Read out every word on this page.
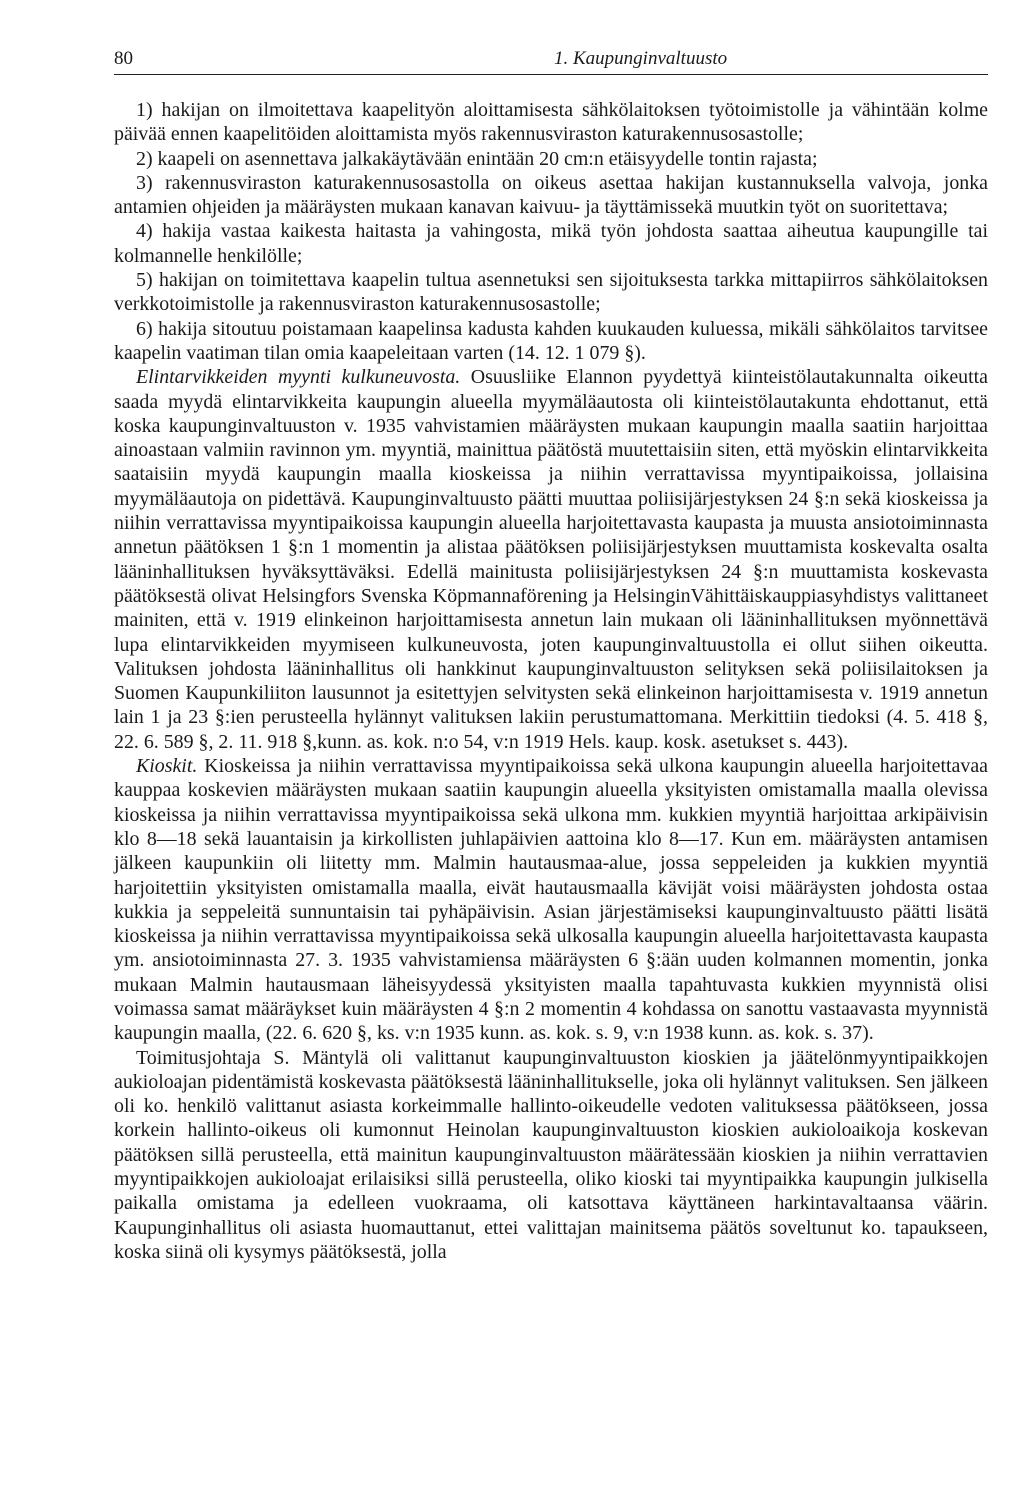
80	1. Kaupunginvaltuusto

1) hakijan on ilmoitettava kaapelityön aloittamisesta sähkölaitoksen työtoimistolle ja vähintään kolme päivää ennen kaapelitöiden aloittamista myös rakennusviraston katurakennusosastolle;

2) kaapeli on asennettava jalkakäytävään enintään 20 cm:n etäisyydelle tontin rajasta;

3) rakennusviraston katurakennusosastolla on oikeus asettaa hakijan kustannuksella valvoja, jonka antamien ohjeiden ja määräysten mukaan kanavan kaivuu- ja täyttämissekä muutkin työt on suoritettava;

4) hakija vastaa kaikesta haitasta ja vahingosta, mikä työn johdosta saattaa aiheutua kaupungille tai kolmannelle henkilölle;

5) hakijan on toimitettava kaapelin tultua asennetuksi sen sijoituksesta tarkka mittapiirros sähkölaitoksen verkkotoimistolle ja rakennusviraston katurakennusosastolle;

6) hakija sitoutuu poistamaan kaapelinsa kadusta kahden kuukauden kuluessa, mikäli sähkölaitos tarvitsee kaapelin vaatiman tilan omia kaapeleitaan varten (14. 12. 1 079 §).

Elintarvikkeiden myynti kulkuneuvosta. Osuusliike Elannon pyydettyä kiinteistölautakunnalta oikeutta saada myydä elintarvikkeita kaupungin alueella myymäläautosta oli kiinteistölautakunta ehdottanut, että koska kaupunginvaltuuston v. 1935 vahvistamien määräysten mukaan kaupungin maalla saatiin harjoittaa ainoastaan valmiin ravinnon ym. myyntiä, mainittua päätöstä muutettaisiin siten, että myöskin elintarvikkeita saataisiin myydä kaupungin maalla kioskeissa ja niihin verrattavissa myyntipaikoissa, jollaisina myymäläautoja on pidettävä. Kaupunginvaltuusto päätti muuttaa poliisijärjestyksen 24 §:n sekä kioskeissa ja niihin verrattavissa myyntipaikoissa kaupungin alueella harjoitettavasta kaupasta ja muusta ansiotoiminnasta annetun päätöksen 1 §:n 1 momentin ja alistaa päätöksen poliisijärjestyksen muuttamista koskevalta osalta lääninhallituksen hyväksyttäväksi. Edellä mainitusta poliisijärjestyksen 24 §:n muuttamista koskevasta päätöksestä olivat Helsingfors Svenska Köpmannaförening ja HelsinginVähittäiskauppiasyhdistys valittaneet mainiten, että v. 1919 elinkeinon harjoittamisesta annetun lain mukaan oli lääninhallituksen myönnettävä lupa elintarvikkeiden myymiseen kulkuneuvosta, joten kaupunginvaltuustolla ei ollut siihen oikeutta. Valituksen johdosta lääninhallitus oli hankkinut kaupunginvaltuuston selityksen sekä poliisilaitoksen ja Suomen Kaupunkiliiton lausunnot ja esitettyjen selvitysten sekä elinkeinon harjoittamisesta v. 1919 annetun lain 1 ja 23 §:ien perusteella hylännyt valituksen lakiin perustumattomana. Merkittiin tiedoksi (4. 5. 418 §, 22. 6. 589 §, 2. 11. 918 §,kunn. as. kok. n:o 54, v:n 1919 Hels. kaup. kosk. asetukset s. 443).

Kioskit. Kioskeissa ja niihin verrattavissa myyntipaikoissa sekä ulkona kaupungin alueella harjoitettavaa kauppaa koskevien määräysten mukaan saatiin kaupungin alueella yksityisten omistamalla maalla olevissa kioskeissa ja niihin verrattavissa myyntipaikoissa sekä ulkona mm. kukkien myyntiä harjoittaa arkipäivisin klo 8—18 sekä lauantaisin ja kirkollisten juhlapäivien aattoina klo 8—17. Kun em. määräysten antamisen jälkeen kaupunkiin oli liitetty mm. Malmin hautausmaa-alue, jossa seppeleiden ja kukkien myyntiä harjoitettiin yksityisten omistamalla maalla, eivät hautausmaalla kävijät voisi määräysten johdosta ostaa kukkia ja seppeleitä sunnuntaisin tai pyhäpäivisin. Asian järjestämiseksi kaupunginvaltuusto päätti lisätä kioskeissa ja niihin verrattavissa myyntipaikoissa sekä ulkosalla kaupungin alueella harjoitettavasta kaupasta ym. ansiotoiminnasta 27. 3. 1935 vahvistamiensa määräysten 6 §:ään uuden kolmannen momentin, jonka mukaan Malmin hautausmaan läheisyydessä yksityisten maalla tapahtuvasta kukkien myynnistä olisi voimassa samat määräykset kuin määräysten 4 §:n 2 momentin 4 kohdassa on sanottu vastaavasta myynnistä kaupungin maalla, (22. 6. 620 §, ks. v:n 1935 kunn. as. kok. s. 9, v:n 1938 kunn. as. kok. s. 37).

Toimitusjohtaja S. Mäntylä oli valittanut kaupunginvaltuuston kioskien ja jäätelönmyyntipaikkojen aukioloajan pidentämistä koskevasta päätöksestä lääninhallitukselle, joka oli hylännyt valituksen. Sen jälkeen oli ko. henkilö valittanut asiasta korkeimmalle hallinto-oikeudelle vedoten valituksessa päätökseen, jossa korkein hallinto-oikeus oli kumonnut Heinolan kaupunginvaltuuston kioskien aukioloaikoja koskevan päätöksen sillä perusteella, että mainitun kaupunginvaltuuston määrätessään kioskien ja niihin verrattavien myyntipaikkojen aukioloajat erilaisiksi sillä perusteella, oliko kioski tai myyntipaikka kaupungin julkisella paikalla omistama ja edelleen vuokraama, oli katsottava käyttäneen harkintavaltaansa väärin. Kaupunginhallitus oli asiasta huomauttanut, ettei valittajan mainitsema päätös soveltunut ko. tapaukseen, koska siinä oli kysymys päätöksestä, jolla
